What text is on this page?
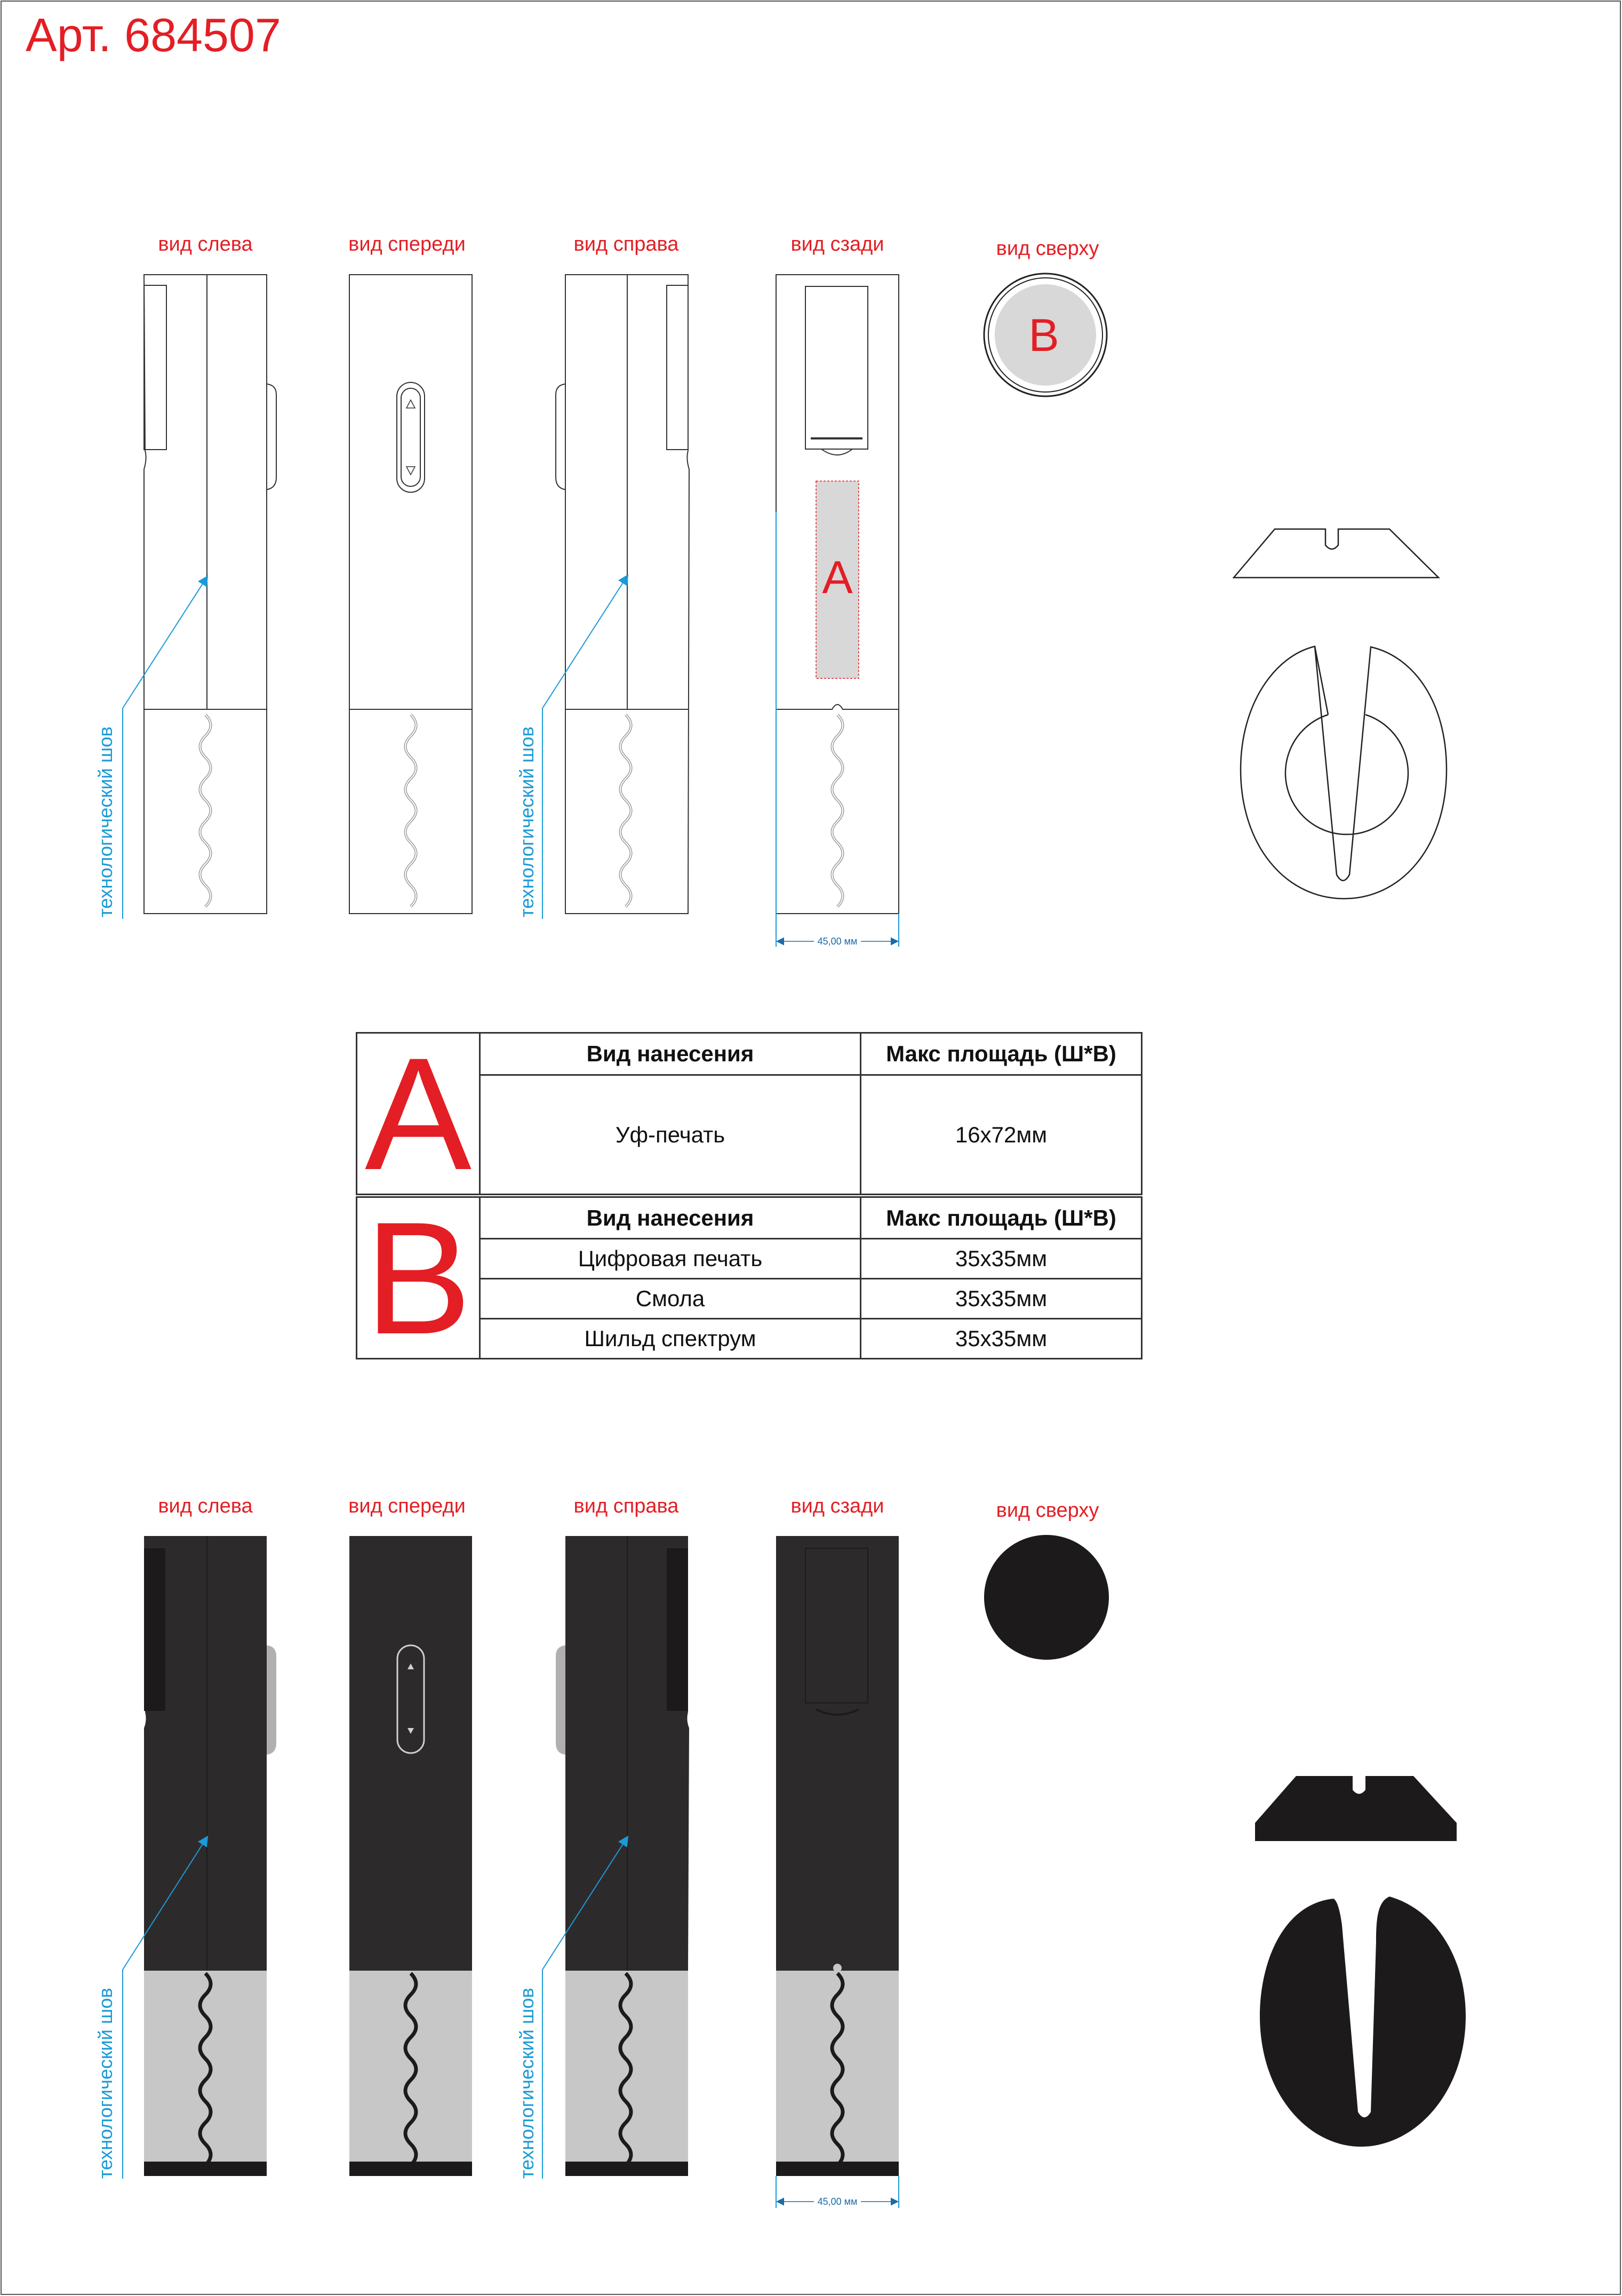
Арт. 684507
вид слева	вид спереди	вид справа	вид сзади	вид сверху
технологический шов	технологический шов
A
45,00 мм
B
вид слева	вид спереди	вид справа	вид сзади	вид сверху
технологический шов	технологический шов
45,00 мм
A	Вид нанесения	Макс площадь (Ш*В)
	Уф-печать	16х72мм
B	Вид нанесения	Макс площадь (Ш*В)
	Цифровая печать	35х35мм
	Смола	35х35мм
	Шильд спектрум	35х35мм
